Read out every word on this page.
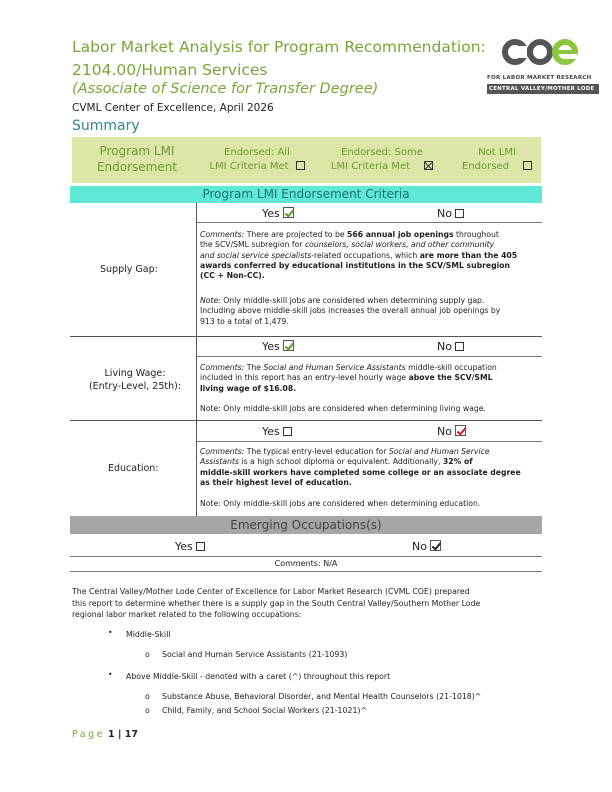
Labor Market Analysis for Program Recommendation:
2104.00/Human Services
(Associate of Science for Transfer Degree)
CVML Center of Excellence, April 2026
FOR LABOR MARKET RESEARCH
CENTRAL VALLEY/MOTHER LODE
Summary
Program LMI Endorsement
Endorsed: All
LMI Criteria Met
Endorsed: Some
LMI Criteria Met
Not LMI
Endorsed
Program LMI Endorsement Criteria
Yes	No
Supply Gap:
Comments: There are projected to be 566 annual job openings throughout
the SCV/SML subregion for counselors, social workers, and other community
and social service specialists-related occupations, which are more than the 405
awards conferred by educational institutions in the SCV/SML subregion
(CC + Non-CC).
Note: Only middle-skill jobs are considered when determining supply gap.
Including above middle-skill jobs increases the overall annual job openings by
913 to a total of 1,479.
Yes	No
Living Wage:
(Entry-Level, 25th):
Comments: The Social and Human Service Assistants middle-skill occupation
included in this report has an entry-level hourly wage above the SCV/SML
living wage of $16.08.
Note: Only middle-skill jobs are considered when determining living wage.
Yes	No
Education:
Comments: The typical entry-level education for Social and Human Service
Assistants is a high school diploma or equivalent. Additionally, 32% of
middle-skill workers have completed some college or an associate degree
as their highest level of education.
Note: Only middle-skill jobs are considered when determining education.
Emerging Occupations(s)
Yes	No
Comments: N/A
The Central Valley/Mother Lode Center of Excellence for Labor Market Research (CVML COE) prepared
this report to determine whether there is a supply gap in the South Central Valley/Southern Mother Lode
regional labor market related to the following occupations:
• Middle-Skill
o Social and Human Service Assistants (21-1093)
• Above Middle-Skill - denoted with a caret (^) throughout this report
o Substance Abuse, Behavioral Disorder, and Mental Health Counselors (21-1018)^
o Child, Family, and School Social Workers (21-1021)^
Page 1 | 17
